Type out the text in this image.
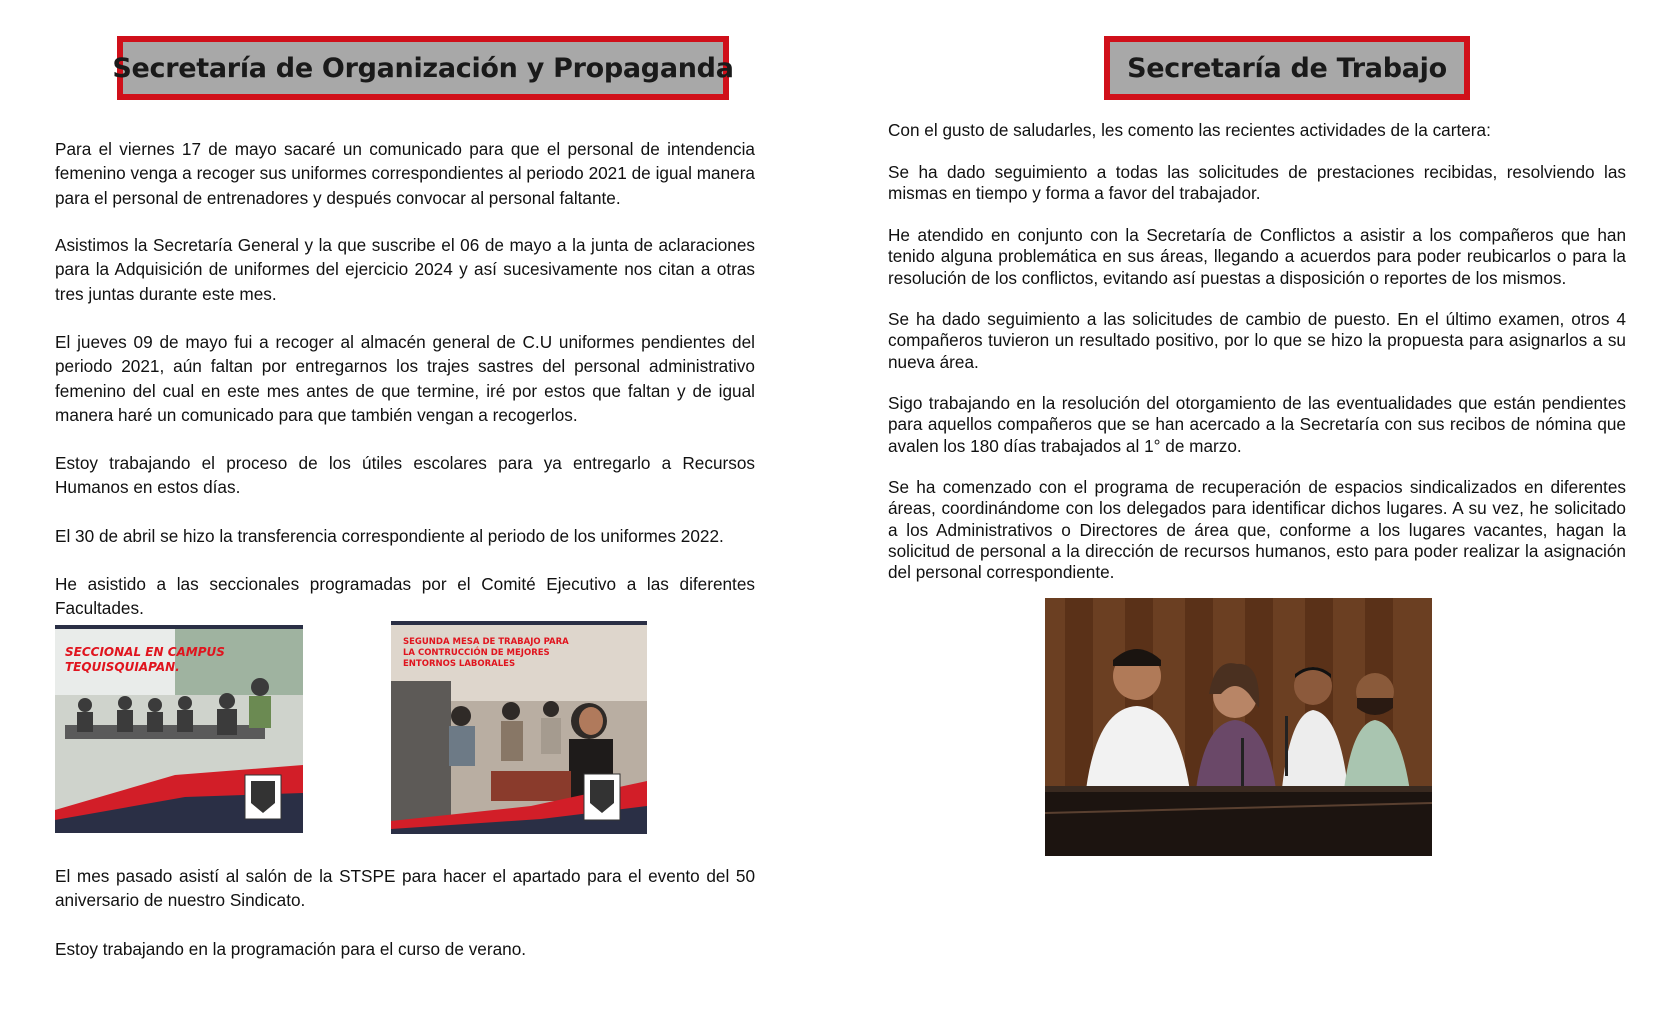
Secretaría de Organización y Propaganda

Para el viernes 17 de mayo sacaré un comunicado para que el personal de intendencia femenino venga a recoger sus uniformes correspondientes al periodo 2021 de igual manera para el personal de entrenadores y después convocar al personal faltante.

Asistimos la Secretaría General y la que suscribe el 06 de mayo a la junta de aclaraciones para la Adquisición de uniformes del ejercicio 2024 y así sucesivamente nos citan a otras tres juntas durante este mes.

El jueves 09 de mayo fui a recoger al almacén general de C.U uniformes pendientes del periodo 2021, aún faltan por entregarnos los trajes sastres del personal administrativo femenino del cual en este mes antes de que termine, iré por estos que faltan y de igual manera haré un comunicado para que también vengan a recogerlos.

Estoy trabajando el proceso de los útiles escolares para ya entregarlo a Recursos Humanos en estos días.

El 30 de abril se hizo la transferencia correspondiente al periodo de los uniformes 2022.

He asistido a las seccionales programadas por el Comité Ejecutivo a las diferentes Facultades.

SECCIONAL EN CAMPUS TEQUISQUIAPAN.
SEGUNDA MESA DE TRABAJO PARA LA CONTRUCCIÓN DE MEJORES ENTORNOS LABORALES

El mes pasado asistí al salón de la STSPE para hacer el apartado para el evento del 50 aniversario de nuestro Sindicato.

Estoy trabajando en la programación para el curso de verano.

Secretaría de Trabajo

Con el gusto de saludarles, les comento las recientes actividades de la cartera:

Se ha dado seguimiento a todas las solicitudes de prestaciones recibidas, resolviendo las mismas en tiempo y forma a favor del trabajador.

He atendido en conjunto con la Secretaría de Conflictos a asistir a los compañeros que han tenido alguna problemática en sus áreas, llegando a acuerdos para poder reubicarlos o para la resolución de los conflictos, evitando así puestas a disposición o reportes de los mismos.

Se ha dado seguimiento a las solicitudes de cambio de puesto. En el último examen, otros 4 compañeros tuvieron un resultado positivo, por lo que se hizo la propuesta para asignarlos a su nueva área.

Sigo trabajando en la resolución del otorgamiento de las eventualidades que están pendientes para aquellos compañeros que se han acercado a la Secretaría con sus recibos de nómina que avalen los 180 días trabajados al 1° de marzo.

Se ha comenzado con el programa de recuperación de espacios sindicalizados en diferentes áreas, coordinándome con los delegados para identificar dichos lugares. A su vez, he solicitado a los Administrativos o Directores de área que, conforme a los lugares vacantes, hagan la solicitud de personal a la dirección de recursos humanos, esto para poder realizar la asignación del personal correspondiente.
